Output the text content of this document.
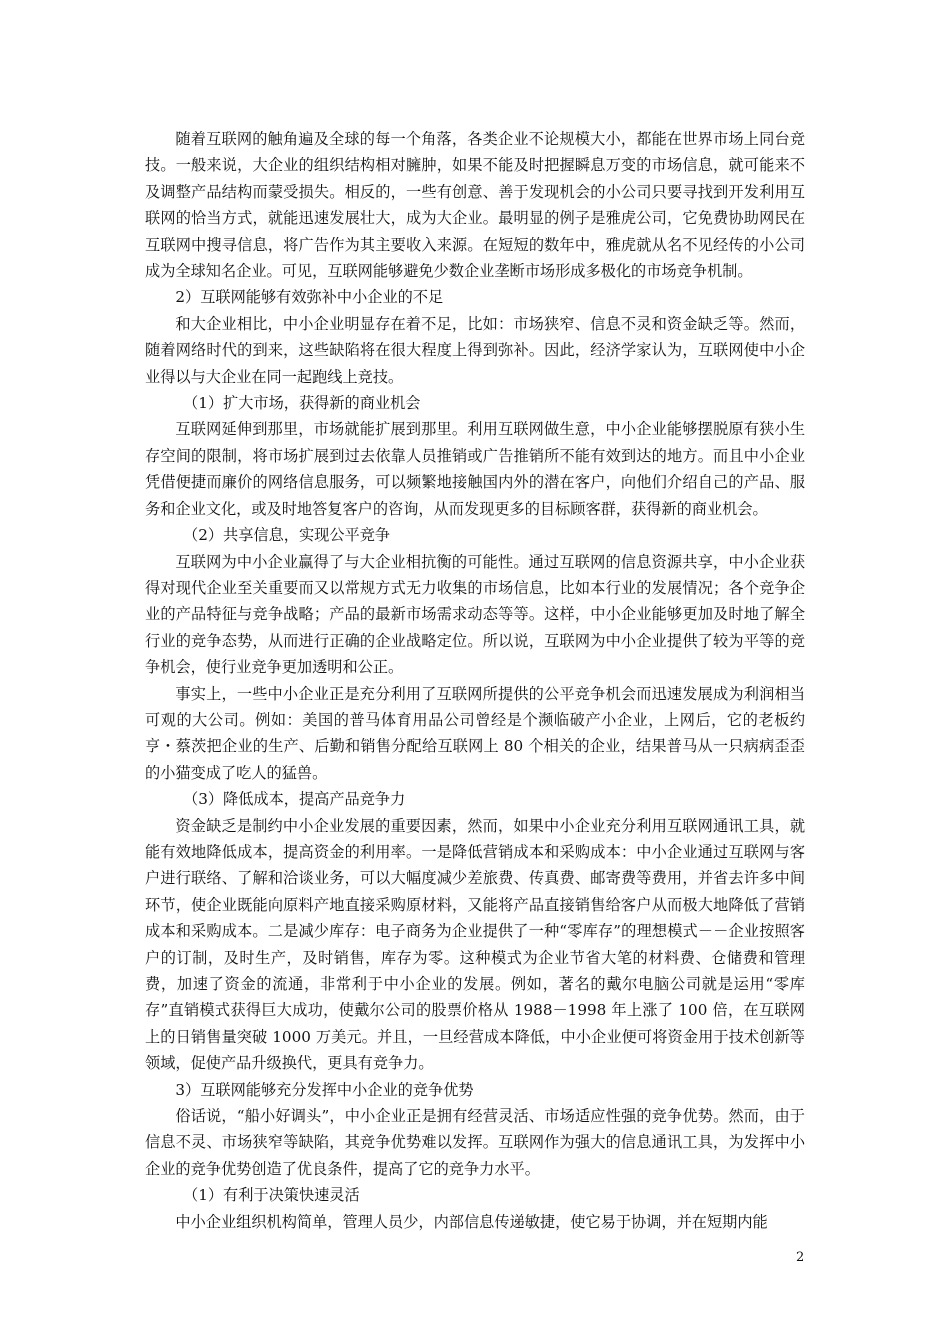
随着互联网的触角遍及全球的每一个角落，各类企业不论规模大小，都能在世界市场上同台竞技。一般来说，大企业的组织结构相对臃肿，如果不能及时把握瞬息万变的市场信息，就可能来不及调整产品结构而蒙受损失。相反的，一些有创意、善于发现机会的小公司只要寻找到开发利用互联网的恰当方式，就能迅速发展壮大，成为大企业。最明显的例子是雅虎公司，它免费协助网民在互联网中搜寻信息，将广告作为其主要收入来源。在短短的数年中，雅虎就从名不见经传的小公司成为全球知名企业。可见，互联网能够避免少数企业垄断市场形成多极化的市场竞争机制。

2）互联网能够有效弥补中小企业的不足

和大企业相比，中小企业明显存在着不足，比如：市场狭窄、信息不灵和资金缺乏等。然而，随着网络时代的到来，这些缺陷将在很大程度上得到弥补。因此，经济学家认为，互联网使中小企业得以与大企业在同一起跑线上竞技。

（1）扩大市场，获得新的商业机会

互联网延伸到那里，市场就能扩展到那里。利用互联网做生意，中小企业能够摆脱原有狭小生存空间的限制，将市场扩展到过去依靠人员推销或广告推销所不能有效到达的地方。而且中小企业凭借便捷而廉价的网络信息服务，可以频繁地接触国内外的潜在客户，向他们介绍自己的产品、服务和企业文化，或及时地答复客户的咨询，从而发现更多的目标顾客群，获得新的商业机会。

（2）共享信息，实现公平竞争

互联网为中小企业赢得了与大企业相抗衡的可能性。通过互联网的信息资源共享，中小企业获得对现代企业至关重要而又以常规方式无力收集的市场信息，比如本行业的发展情况；各个竞争企业的产品特征与竞争战略；产品的最新市场需求动态等等。这样，中小企业能够更加及时地了解全行业的竞争态势，从而进行正确的企业战略定位。所以说，互联网为中小企业提供了较为平等的竞争机会，使行业竞争更加透明和公正。

事实上，一些中小企业正是充分利用了互联网所提供的公平竞争机会而迅速发展成为利润相当可观的大公司。例如：美国的普马体育用品公司曾经是个濒临破产小企业，上网后，它的老板约亨・蔡茨把企业的生产、后勤和销售分配给互联网上 80 个相关的企业，结果普马从一只病病歪歪的小猫变成了吃人的猛兽。

（3）降低成本，提高产品竞争力

资金缺乏是制约中小企业发展的重要因素，然而，如果中小企业充分利用互联网通讯工具，就能有效地降低成本，提高资金的利用率。一是降低营销成本和采购成本：中小企业通过互联网与客户进行联络、了解和洽谈业务，可以大幅度减少差旅费、传真费、邮寄费等费用，并省去许多中间环节，使企业既能向原料产地直接采购原材料，又能将产品直接销售给客户从而极大地降低了营销成本和采购成本。二是减少库存：电子商务为企业提供了一种“零库存”的理想模式－－企业按照客户的订制，及时生产，及时销售，库存为零。这种模式为企业节省大笔的材料费、仓储费和管理费，加速了资金的流通，非常利于中小企业的发展。例如，著名的戴尔电脑公司就是运用“零库存”直销模式获得巨大成功，使戴尔公司的股票价格从 1988－1998 年上涨了 100 倍，在互联网上的日销售量突破 1000 万美元。并且，一旦经营成本降低，中小企业便可将资金用于技术创新等领域，促使产品升级换代，更具有竞争力。

3）互联网能够充分发挥中小企业的竞争优势

俗话说，“船小好调头”，中小企业正是拥有经营灵活、市场适应性强的竞争优势。然而，由于信息不灵、市场狭窄等缺陷，其竞争优势难以发挥。互联网作为强大的信息通讯工具，为发挥中小企业的竞争优势创造了优良条件，提高了它的竞争力水平。

（1）有利于决策快速灵活

中小企业组织机构简单，管理人员少，内部信息传递敏捷，使它易于协调，并在短期内能

2
